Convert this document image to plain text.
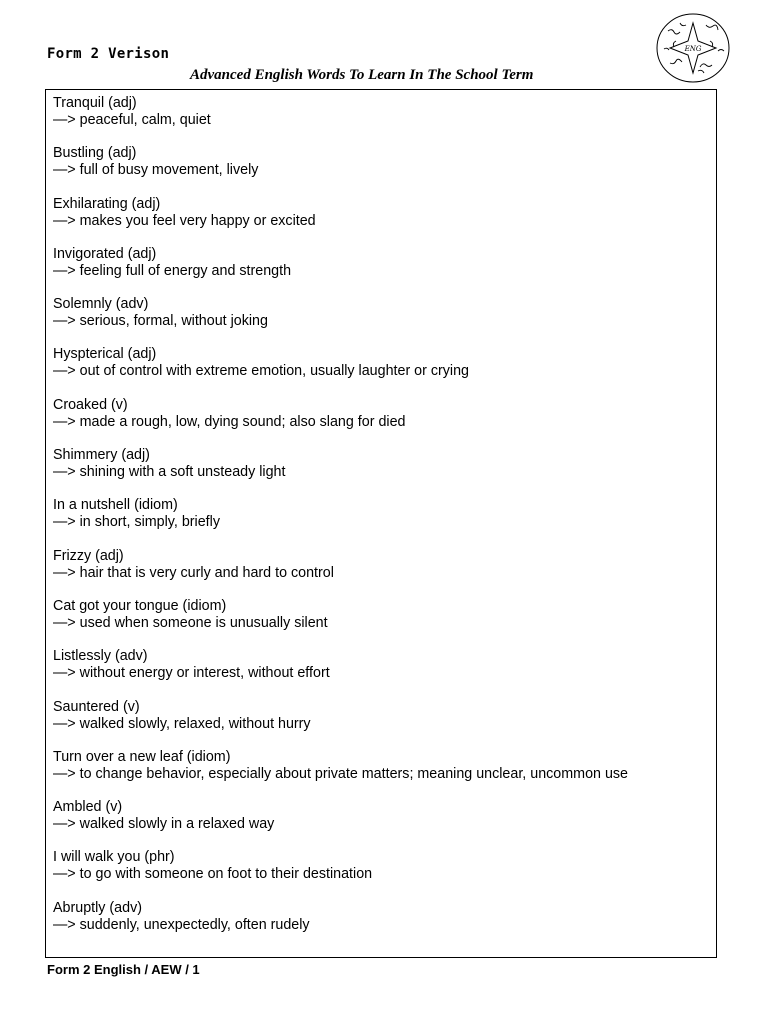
Form 2 Verison
Advanced English Words To Learn In The School Term
ENG
Tranquil (adj)
—> peaceful, calm, quiet
Bustling (adj)
—> full of busy movement, lively
Exhilarating (adj)
—> makes you feel very happy or excited
Invigorated (adj)
—> feeling full of energy and strength
Solemnly (adv)
—> serious, formal, without joking
Hyspterical (adj)
—> out of control with extreme emotion, usually laughter or crying
Croaked (v)
—> made a rough, low, dying sound; also slang for died
Shimmery (adj)
—> shining with a soft unsteady light
In a nutshell (idiom)
—> in short, simply, briefly
Frizzy (adj)
—> hair that is very curly and hard to control
Cat got your tongue (idiom)
—> used when someone is unusually silent
Listlessly (adv)
—> without energy or interest, without effort
Sauntered (v)
—> walked slowly, relaxed, without hurry
Turn over a new leaf (idiom)
—> to change behavior, especially about private matters; meaning unclear, uncommon use
Ambled (v)
—> walked slowly in a relaxed way
I will walk you (phr)
—> to go with someone on foot to their destination
Abruptly (adv)
—> suddenly, unexpectedly, often rudely
Form 2 English / AEW / 1
